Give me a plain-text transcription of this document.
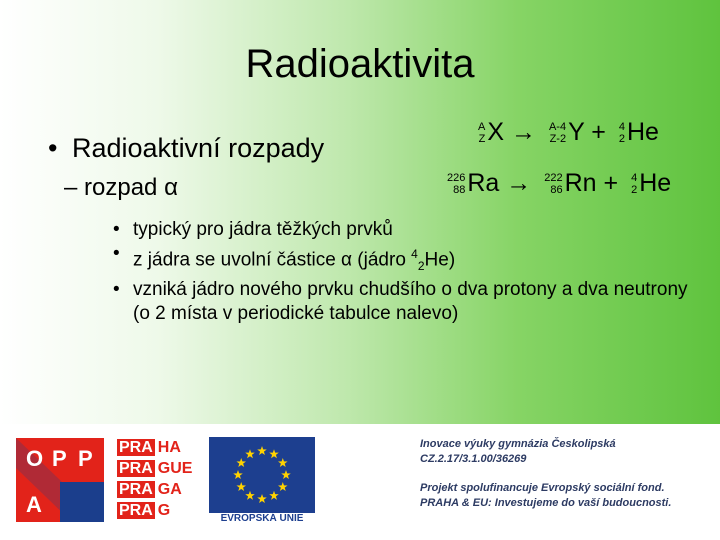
Radioaktivita
• Radioaktivní rozpady
– rozpad α
A
Z X → A-4
Z-2 Y + 4
2 He
226
88 Ra → 222
86 Rn + 4
2 He
• typický pro jádra těžkých prvků
• z jádra se uvolní částice α (jádro $^4_2$He)
• vzniká jádro nového prvku chudšího o dva protony a dva neutrony (o 2 místa v periodické tabulce nalevo)
O P P
A
PRA HA
PRA GUE
PRA GA
PRA G	EVROPSKÁ UNIE
Inovace výuky gymnázia Českolipská
CZ.2.17/3.1.00/36269
Projekt spolufinancuje Evropský sociální fond.
PRAHA & EU: Investujeme do vaší budoucnosti.
